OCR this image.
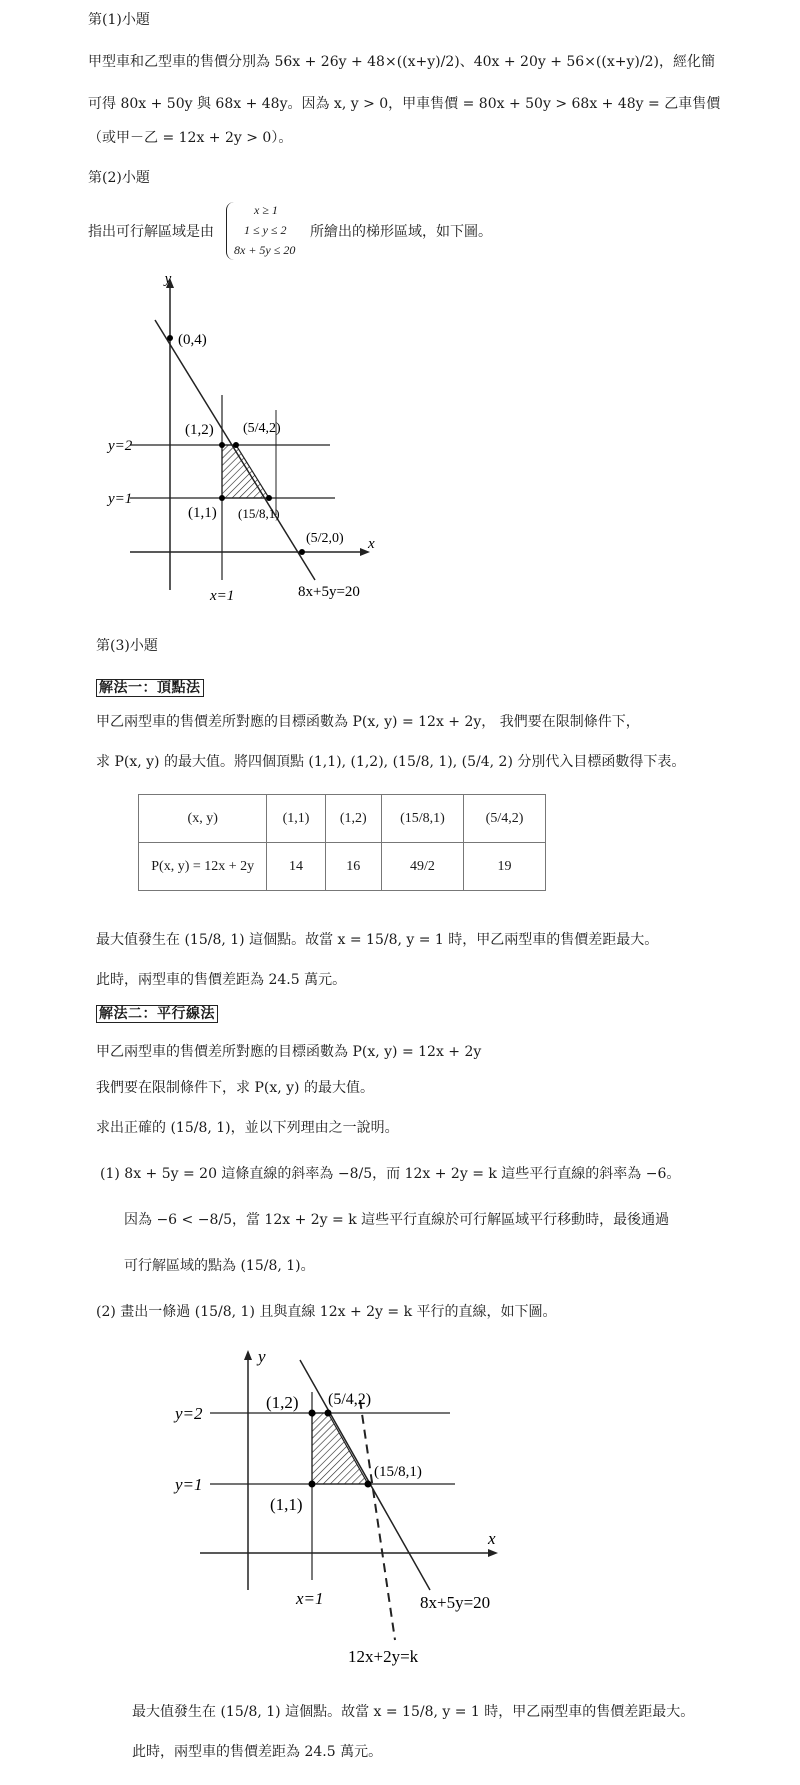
第(1)小題
甲型車和乙型車的售價分別為 56x + 26y + 48×((x+y)/2)、40x + 20y + 56×((x+y)/2)，經化簡
可得 80x + 50y 與 68x + 48y。因為 x, y > 0，甲車售價 = 80x + 50y > 68x + 48y = 乙車售價
（或甲－乙 = 12x + 2y > 0）。
第(2)小題
指出可行解區域是由
x ≥ 1
1 ≤ y ≤ 2
8x + 5y ≤ 20
所繪出的梯形區域，如下圖。
y
x
(0,4)
(1,2) (5/4,2)
(1,1) (15/8,1)
(5/2,0)
y=2
y=1
x=1	8x+5y=20
第(3)小題
解法一：頂點法
甲乙兩型車的售價差所對應的目標函數為 P(x, y) = 12x + 2y， 我們要在限制條件下，
求 P(x, y) 的最大值。將四個頂點 (1,1), (1,2), (15/8, 1), (5/4, 2) 分別代入目標函數得下表。
(x, y)	(1,1)	(1,2)	(15/8,1)	(5/4,2)
P(x, y) = 12x + 2y	14	16	49/2	19
最大值發生在 (15/8, 1) 這個點。故當 x = 15/8, y = 1 時，甲乙兩型車的售價差距最大。
此時，兩型車的售價差距為 24.5 萬元。
解法二：平行線法
甲乙兩型車的售價差所對應的目標函數為 P(x, y) = 12x + 2y
我們要在限制條件下，求 P(x, y) 的最大值。
求出正確的 (15/8, 1)，並以下列理由之一說明。
(1) 8x + 5y = 20 這條直線的斜率為 −8/5，而 12x + 2y = k 這些平行直線的斜率為 −6。
因為 −6 < −8/5，當 12x + 2y = k 這些平行直線於可行解區域平行移動時，最後通過
可行解區域的點為 (15/8, 1)。
(2) 畫出一條過 (15/8, 1) 且與直線 12x + 2y = k 平行的直線，如下圖。
y
x
(1,2) (5/4,2)
(15/8,1)
(1,1)
y=2
y=1
x=1	8x+5y=20
12x+2y=k
最大值發生在 (15/8, 1) 這個點。故當 x = 15/8, y = 1 時，甲乙兩型車的售價差距最大。
此時，兩型車的售價差距為 24.5 萬元。
